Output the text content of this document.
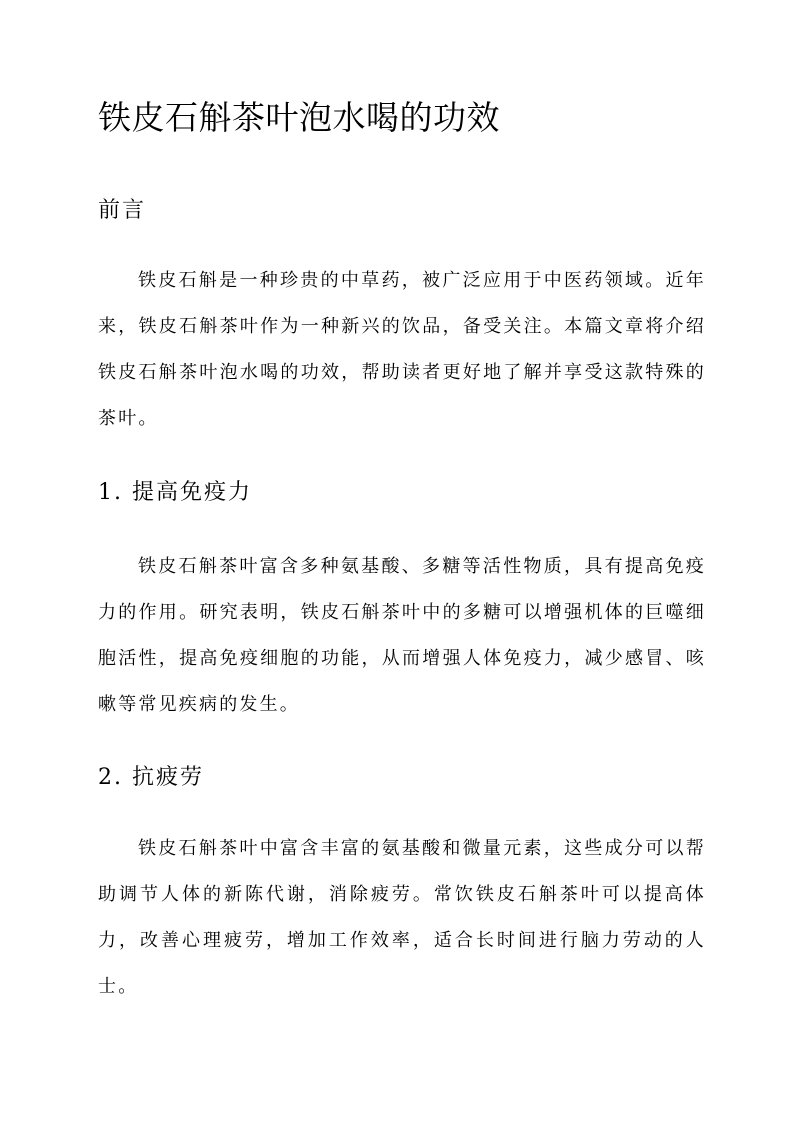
铁皮石斛茶叶泡水喝的功效
前言

铁皮石斛是一种珍贵的中草药，被广泛应用于中医药领域。近年来，铁皮石斛茶叶作为一种新兴的饮品，备受关注。本篇文章将介绍铁皮石斛茶叶泡水喝的功效，帮助读者更好地了解并享受这款特殊的茶叶。

1. 提高免疫力

铁皮石斛茶叶富含多种氨基酸、多糖等活性物质，具有提高免疫力的作用。研究表明，铁皮石斛茶叶中的多糖可以增强机体的巨噬细胞活性，提高免疫细胞的功能，从而增强人体免疫力，减少感冒、咳嗽等常见疾病的发生。

2. 抗疲劳

铁皮石斛茶叶中富含丰富的氨基酸和微量元素，这些成分可以帮助调节人体的新陈代谢，消除疲劳。常饮铁皮石斛茶叶可以提高体力，改善心理疲劳，增加工作效率，适合长时间进行脑力劳动的人士。
